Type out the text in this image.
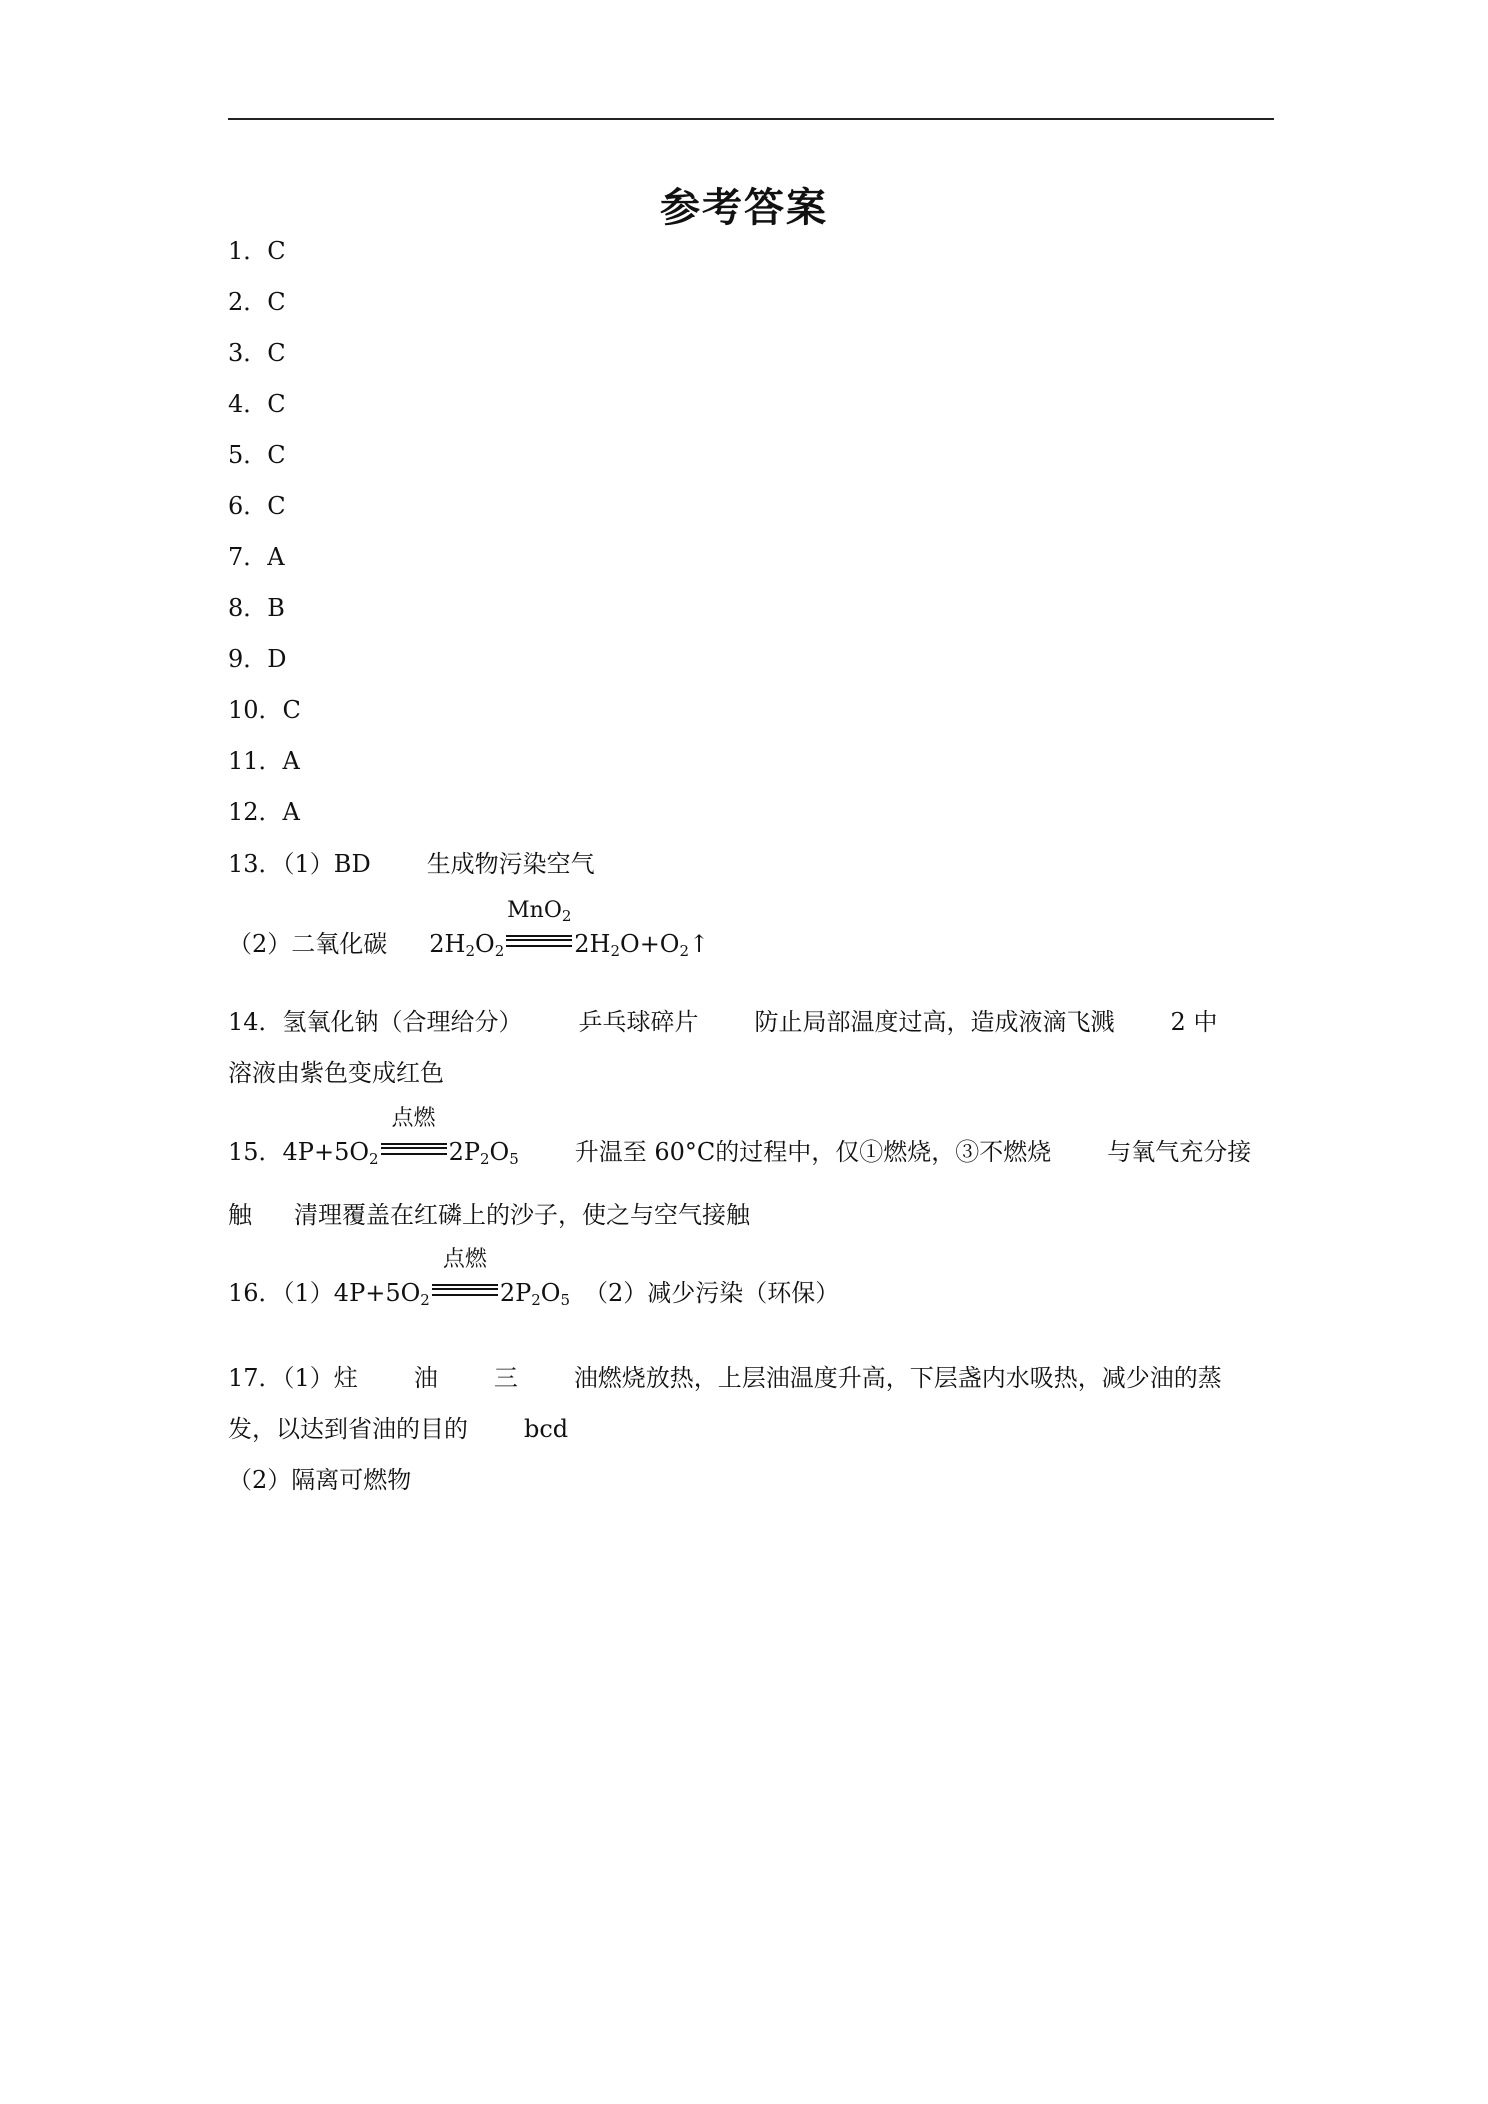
参考答案
1．C
2．C
3．C
4．C
5．C
6．C
7．A
8．B
9．D
10．C
11．A
12．A
13．（1）BD 生成物污染空气
（2）二氧化碳 $2H_2O_2$
MnO$_2$
$2H_2O+O_2↑$
14．氢氧化钠（合理给分） 乒乓球碎片 防止局部温度过高，造成液滴飞溅 2 中
溶液由紫色变成红色
15．$4P+5O_2$
点燃
$2P_2O_5$ 升温至 60°C的过程中，仅①燃烧，③不燃烧 与氧气充分接
触 清理覆盖在红磷上的沙子，使之与空气接触
16．$(1)4P+5O_2$
点燃
$2P_2O_5$ （2）减少污染（环保）
17．（1）炷 油 三 油燃烧放热，上层油温度升高，下层盏内水吸热，减少油的蒸
发，以达到省油的目的 bcd
（2）隔离可燃物
